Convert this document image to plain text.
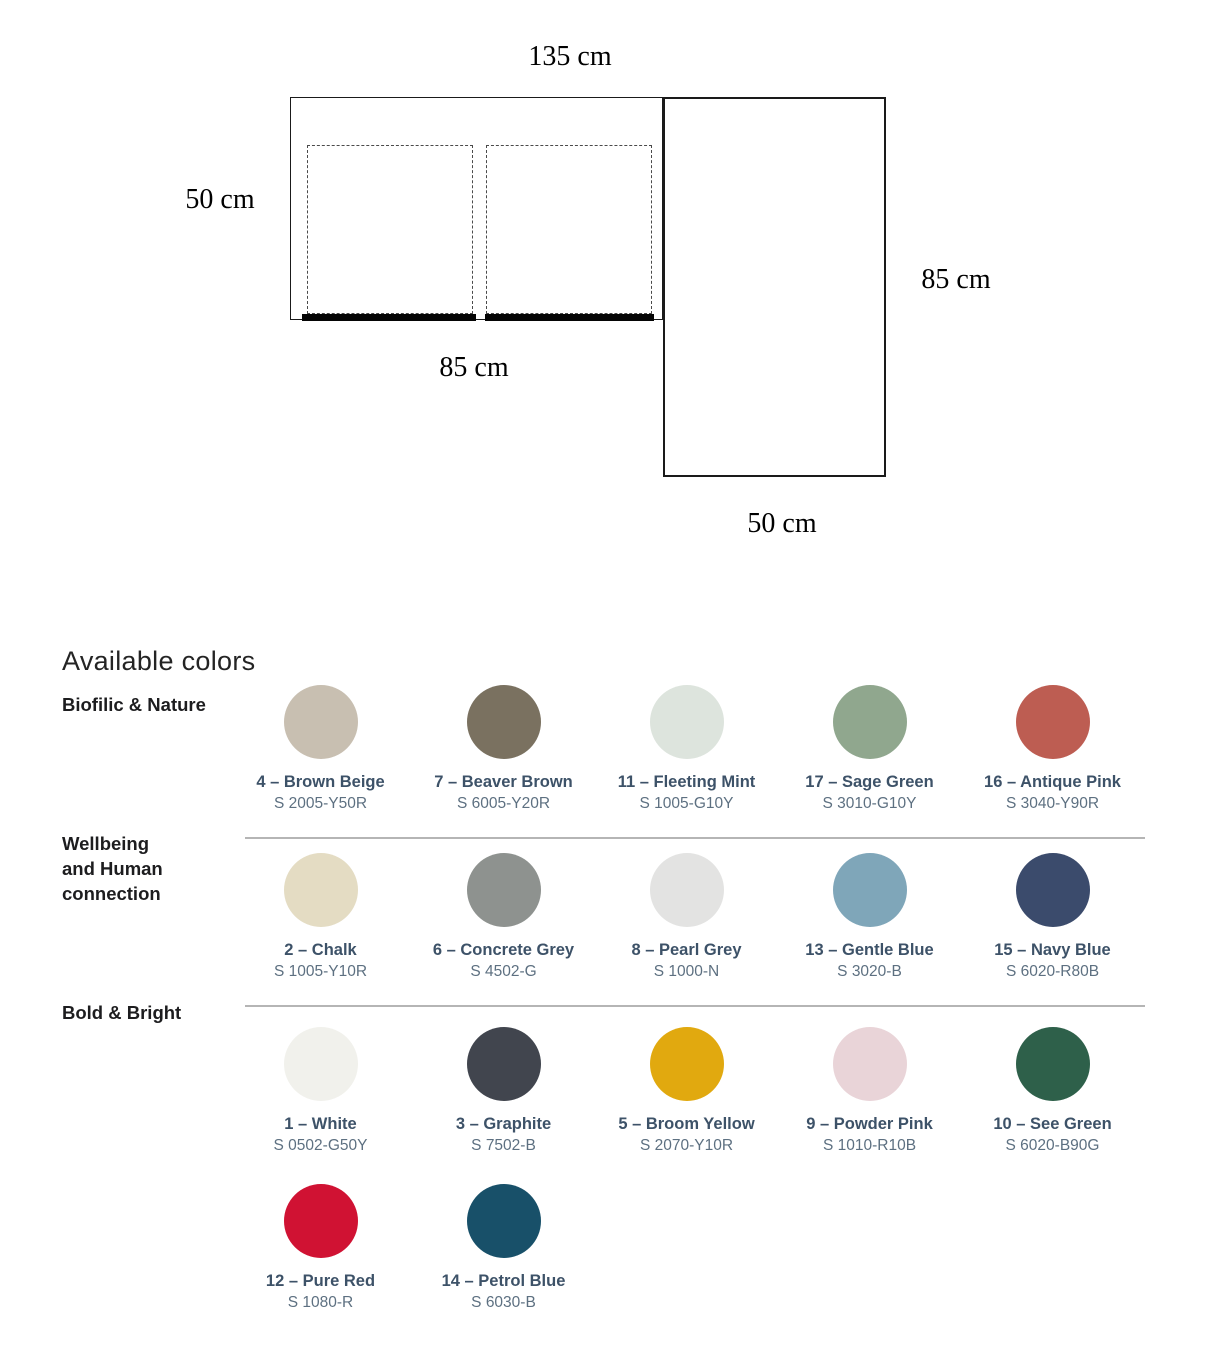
135 cm
50 cm
85 cm
85 cm
50 cm
Available colors
Biofilic & Nature
4 – Brown Beige
S 2005-Y50R
7 – Beaver Brown
S 6005-Y20R
11 – Fleeting Mint
S 1005-G10Y
17 – Sage Green
S 3010-G10Y
16 – Antique Pink
S 3040-Y90R
Wellbeing
and Human
connection
2 – Chalk
S 1005-Y10R
6 – Concrete Grey
S 4502-G
8 – Pearl Grey
S 1000-N
13 – Gentle Blue
S 3020-B
15 – Navy Blue
S 6020-R80B
Bold & Bright
1 – White
S 0502-G50Y
3 – Graphite
S 7502-B
5 – Broom Yellow
S 2070-Y10R
9 – Powder Pink
S 1010-R10B
10 – See Green
S 6020-B90G
12 – Pure Red
S 1080-R
14 – Petrol Blue
S 6030-B
